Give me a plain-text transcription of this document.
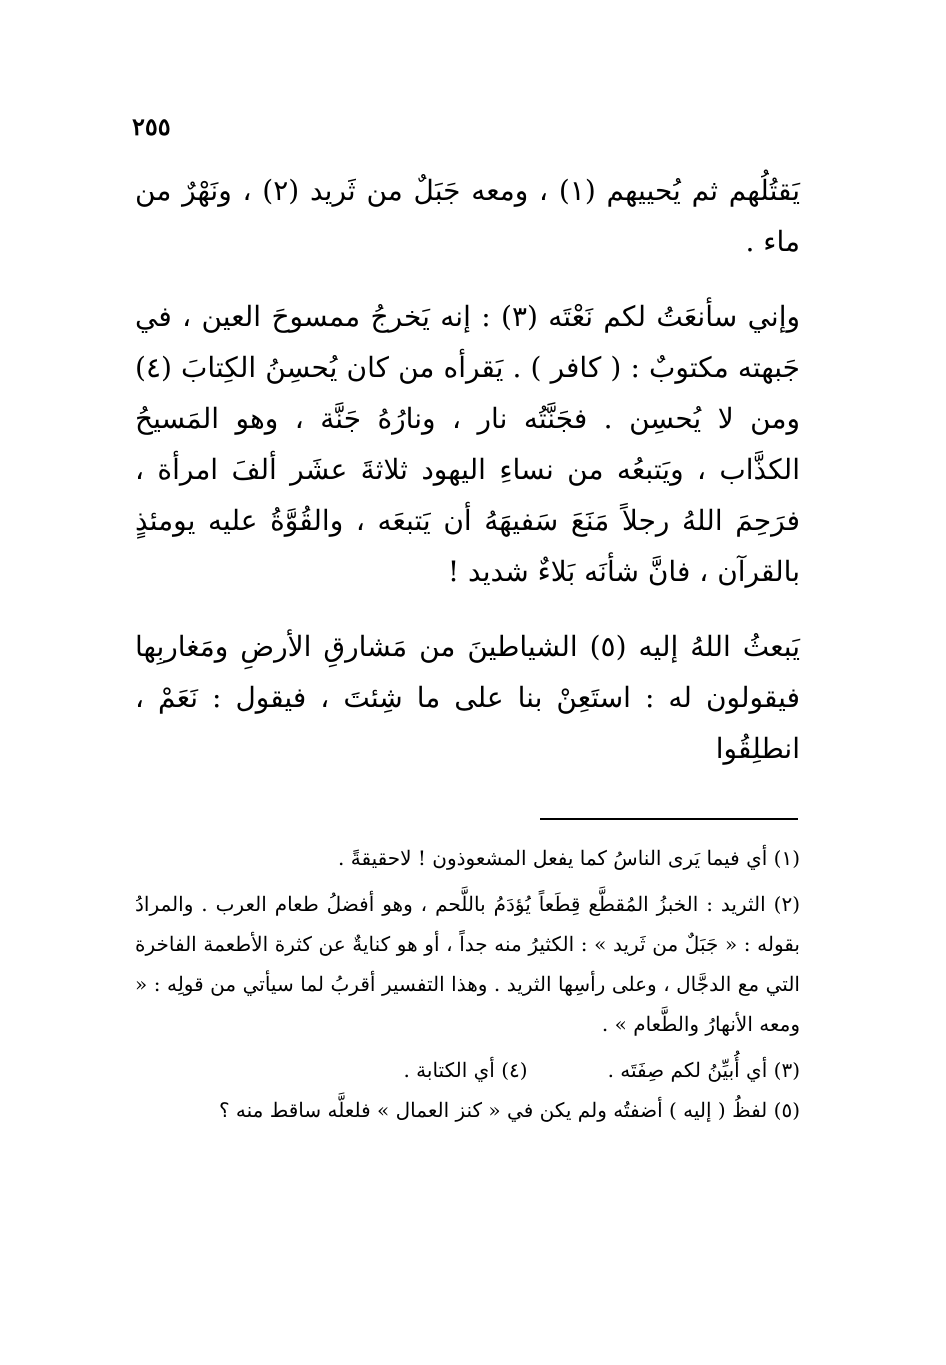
٢٥٥

يَقتُلُهم ثم يُحييهم (١) ، ومعه جَبَلٌ من ثَريد (٢) ، ونَهْرٌ من ماء .

وإني سأنعَتُ لكم نَعْتَه (٣) : إنه يَخرجُ ممسوحَ العين ، في جَبهته مكتوبٌ : ( كافر ) . يَقرأه من كان يُحسِنُ الكِتابَ (٤) ومن لا يُحسِن . فجَنَّتُه نار ، ونارُهُ جَنَّة ، وهو المَسيحُ الكذَّاب ، ويَتبعُه من نساءِ اليهود ثلاثةَ عشَر ألفَ امرأة ، فرَحِمَ اللهُ رجلاً مَنَعَ سَفيهَهُ أن يَتبعَه ، والقُوَّةُ عليه يومئذٍ بالقرآن ، فانَّ شأنَه بَلاءٌ شديد !

يَبعثُ اللهُ إليه (٥) الشياطينَ من مَشارقِ الأرضِ ومَغاربِها فيقولون له : استَعِنْ بنا على ما شِئتَ ، فيقول : نَعَمْ ، انطلِقُوا

(١) أي فيما يَرى الناسُ كما يفعل المشعوذون ! لاحقيقةً .

(٢) الثريد : الخبزُ المُقطَّع قِطَعاً يُؤدَمُ باللَّحم ، وهو أفضلُ طعام العرب . والمرادُ بقوله : « جَبَلٌ من ثَريد » : الكثيرُ منه جداً ، أو هو كنايةٌ عن كثرة الأطعمة الفاخرة التي مع الدجَّال ، وعلى رأسِها الثريد . وهذا التفسير أقربُ لما سيأتي من قولِه : « ومعه الأنهارُ والطَّعام » .

(٣) أي أُبيِّنُ لكم صِفَتَه .

(٤) أي الكتابة .

(٥) لفظُ ( إليه ) أضفتُه ولم يكن في « كنز العمال » فلعلَّه ساقط منه ؟
